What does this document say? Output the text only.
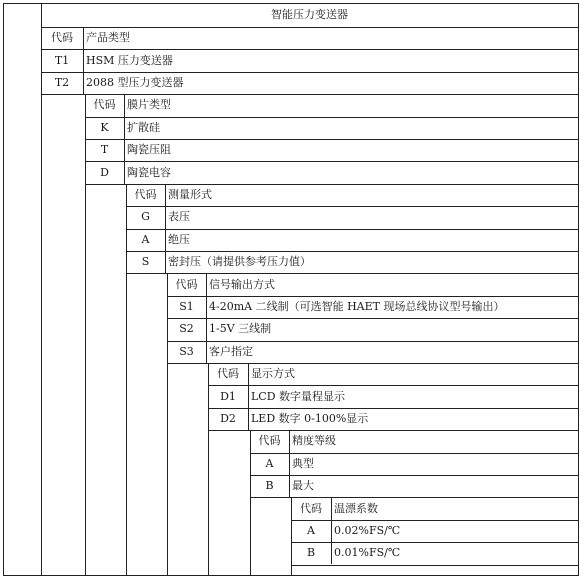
智能压力变送器
代码	产品类型
T1	HSM 压力变送器
T2	2088 型压力变送器
代码	膜片类型
K	扩散硅
T	陶瓷压阻
D	陶瓷电容
代码	测量形式
G	表压
A	绝压
S	密封压（请提供参考压力值）
代码	信号输出方式
S1	4-20mA 二线制（可选智能 HAET 现场总线协议型号输出）
S2	1-5V 三线制
S3	客户指定
代码	显示方式
D1	LCD 数字量程显示
D2	LED 数字 0-100%显示
代码	精度等级
A	典型
B	最大
代码	温漂系数
A	0.02%FS/℃
B	0.01%FS/℃
